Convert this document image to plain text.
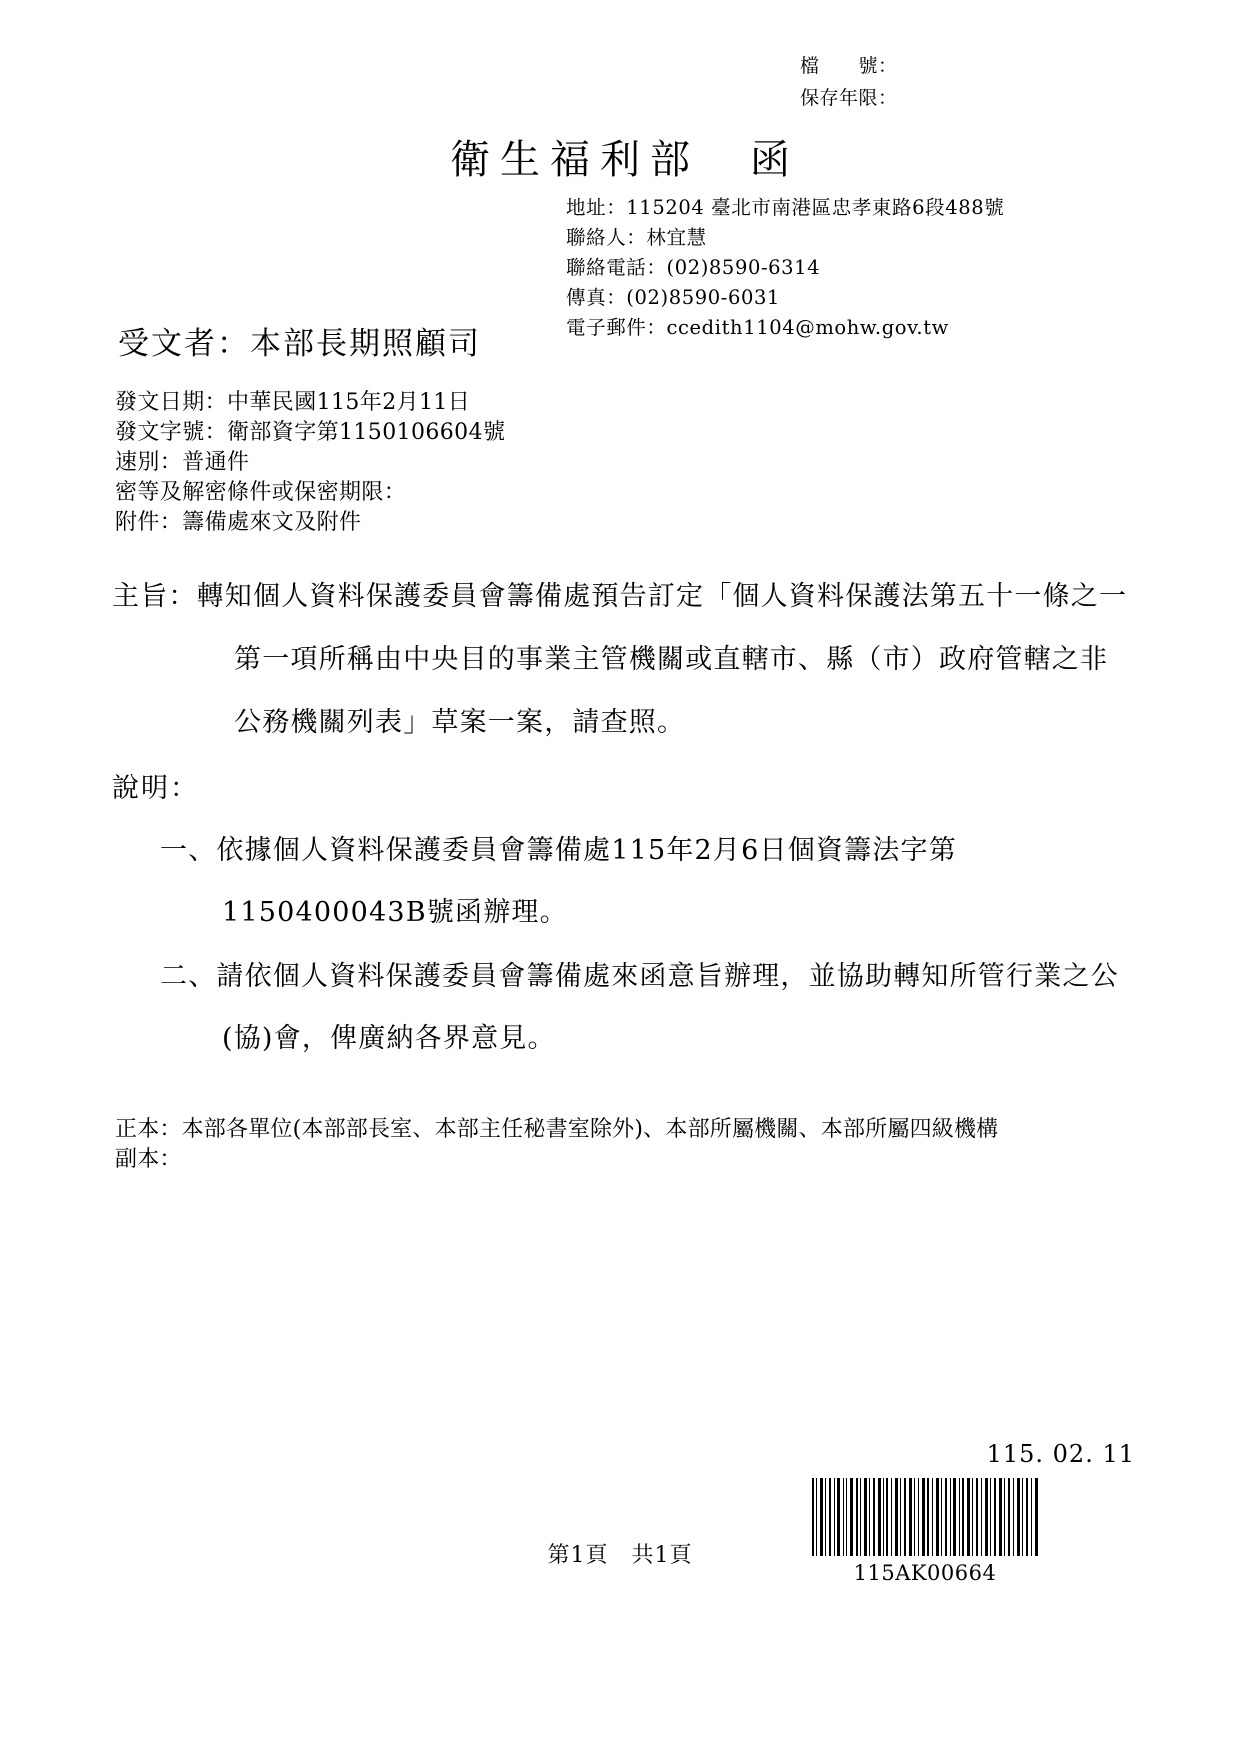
檔　　號：
保存年限：
衛生福利部　函
地址：115204 臺北市南港區忠孝東路6段488號
聯絡人：林宜慧
聯絡電話：(02)8590-6314
傳真：(02)8590-6031
電子郵件：ccedith1104@mohw.gov.tw
受文者：本部長期照顧司
發文日期：中華民國115年2月11日
發文字號：衛部資字第1150106604號
速別：普通件
密等及解密條件或保密期限：
附件：籌備處來文及附件
主旨：轉知個人資料保護委員會籌備處預告訂定「個人資料保護法第五十一條之一第一項所稱由中央目的事業主管機關或直轄市、縣（市）政府管轄之非公務機關列表」草案一案，請查照。
說明：
一、依據個人資料保護委員會籌備處115年2月6日個資籌法字第1150400043B號函辦理。
二、請依個人資料保護委員會籌備處來函意旨辦理，並協助轉知所管行業之公(協)會，俾廣納各界意見。
正本：本部各單位(本部部長室、本部主任秘書室除外)、本部所屬機關、本部所屬四級機構
副本：
115. 02. 11
115AK00664
第1頁　共1頁
